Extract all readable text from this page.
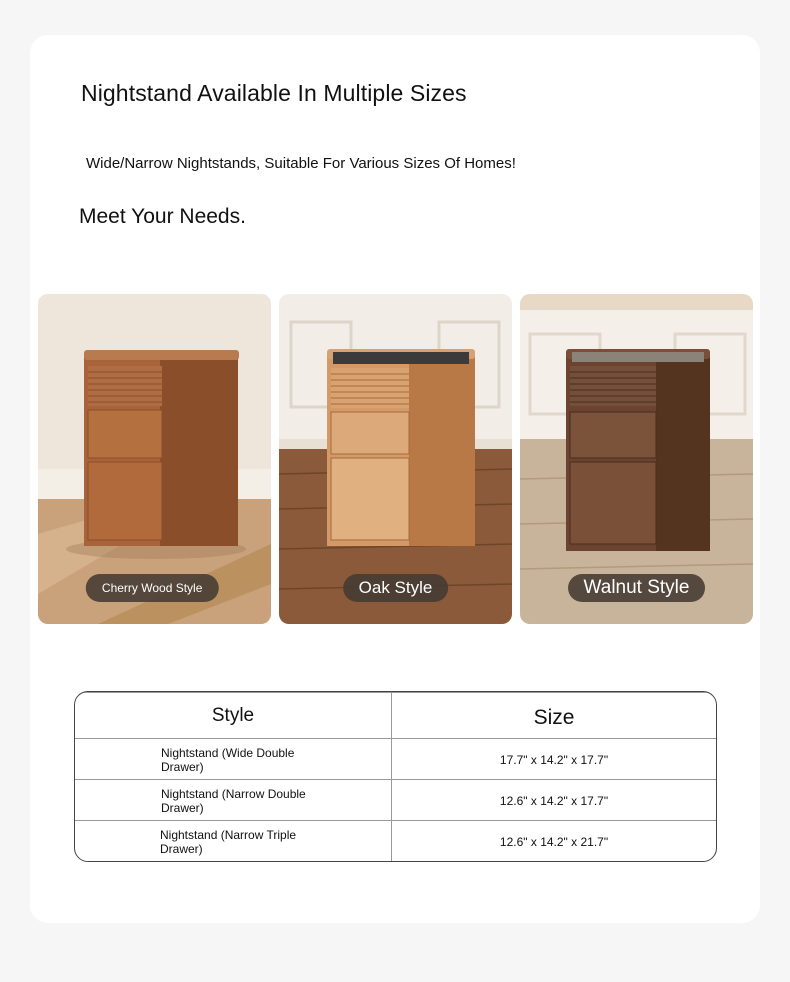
Nightstand Available In Multiple Sizes
Wide/Narrow Nightstands, Suitable For Various Sizes Of Homes!
Meet Your Needs.
Cherry Wood Style	Oak Style	Walnut Style
Style	Size
Nightstand (Wide Double Drawer)	17.7" x 14.2" x 17.7"
Nightstand (Narrow Double Drawer)	12.6" x 14.2" x 17.7"
Nightstand (Narrow Triple Drawer)	12.6" x 14.2" x 21.7"
